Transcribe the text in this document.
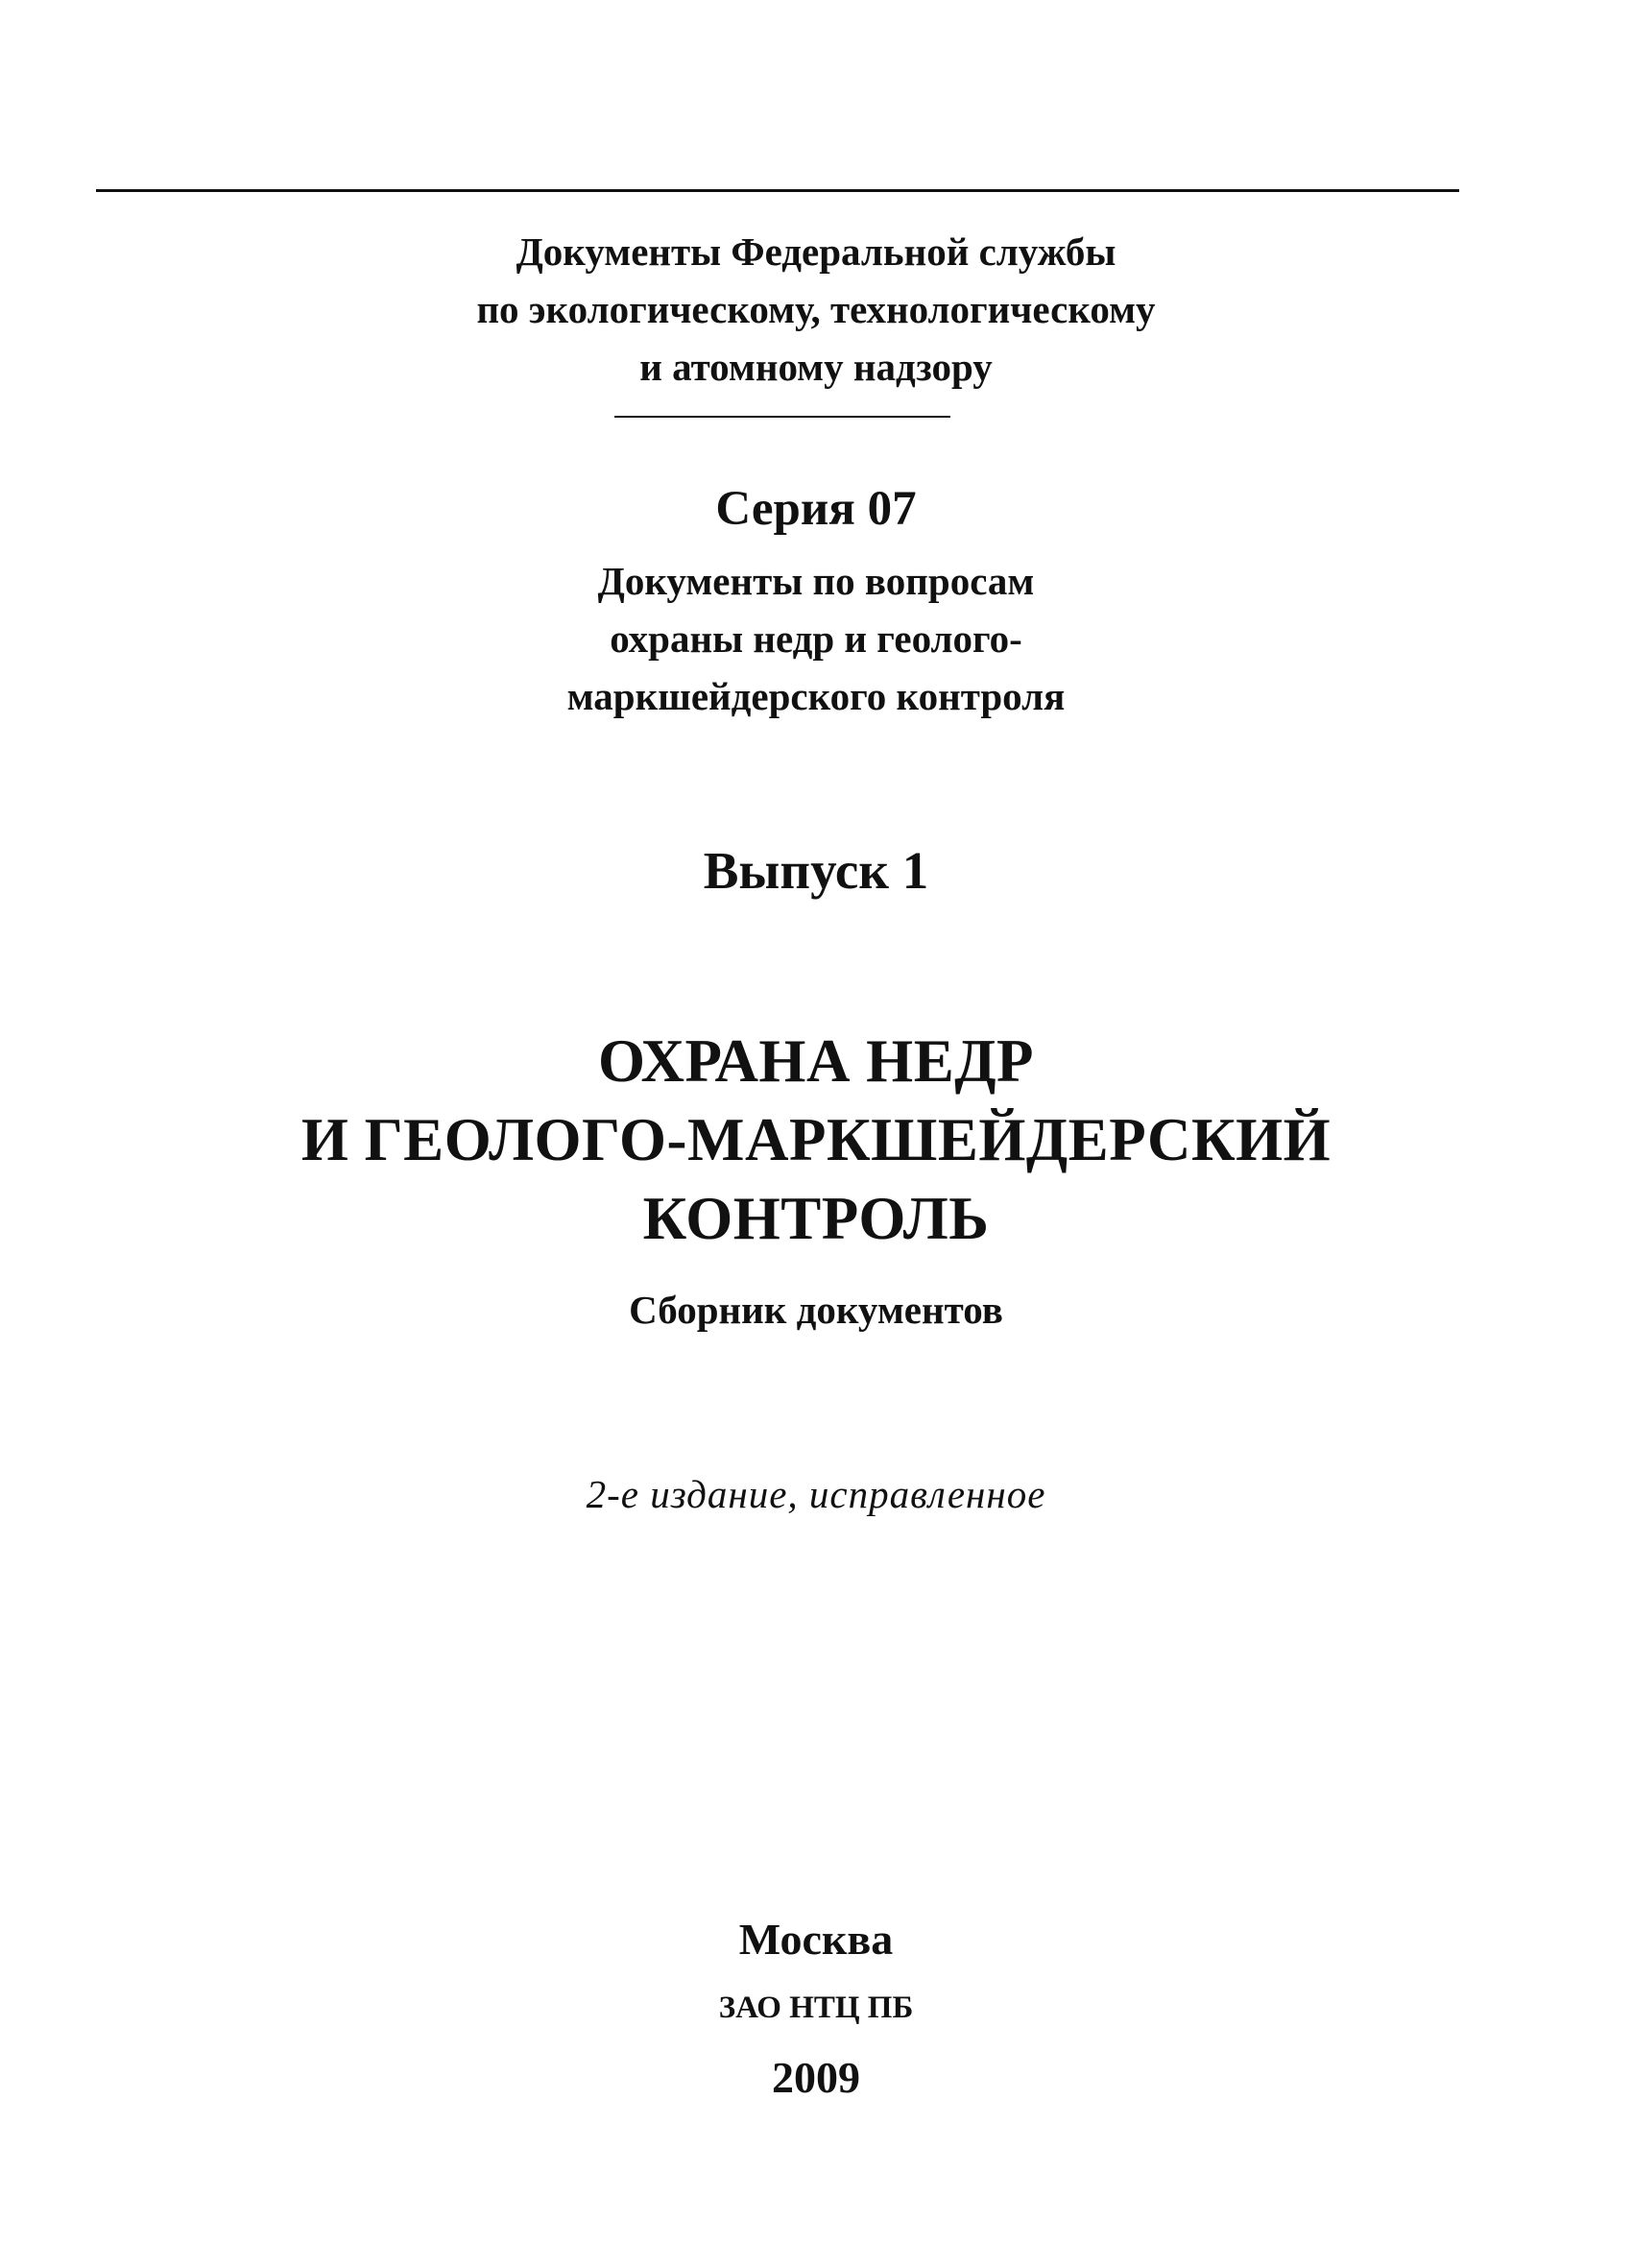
Документы Федеральной службы
по экологическому, технологическому
и атомному надзору
Серия 07
Документы по вопросам
охраны недр и геолого-
маркшейдерского контроля
Выпуск 1
ОХРАНА НЕДР
И ГЕОЛОГО-МАРКШЕЙДЕРСКИЙ
КОНТРОЛЬ
Сборник документов
2-е издание, исправленное
Москва
ЗАО НТЦ ПБ
2009
